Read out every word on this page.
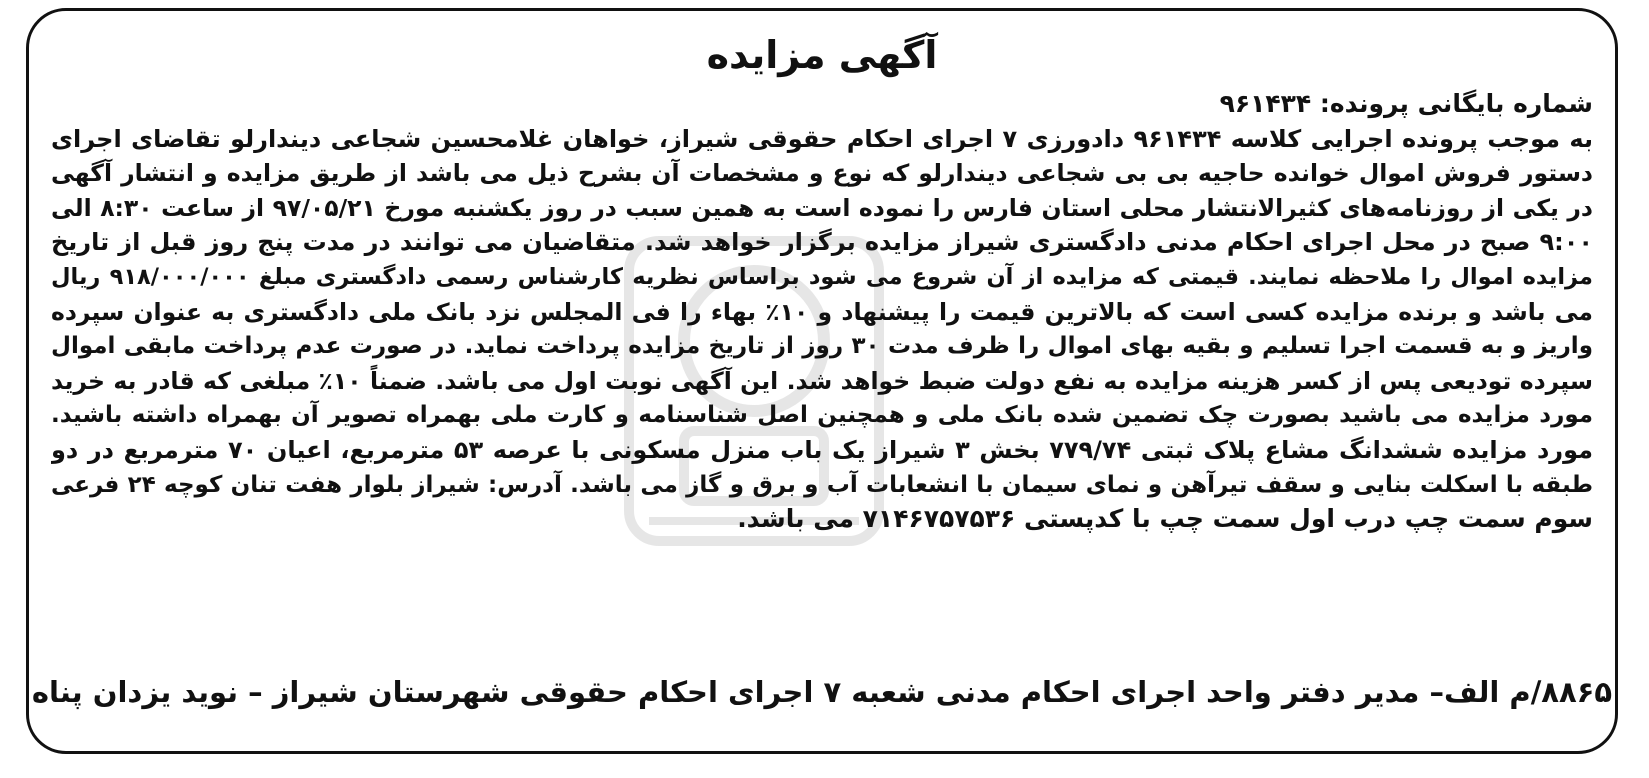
آگهی مزایده
شماره بایگانی پرونده: ۹۶۱۴۳۴
به موجب پرونده اجرایی کلاسه ۹۶۱۴۳۴ دادورزی ۷ اجرای احکام حقوقی شیراز، خواهان غلامحسین شجاعی دیندارلو تقاضای اجرای
دستور فروش اموال خوانده حاجیه بی بی شجاعی دیندارلو که نوع و مشخصات آن بشرح ذیل می باشد از طریق مزایده و انتشار آگهی
در یکی از روزنامه‌های کثیرالانتشار محلی استان فارس را نموده است به همین سبب در روز یکشنبه مورخ ۹۷/۰۵/۲۱ از ساعت ۸:۳۰ الی
۹:۰۰ صبح در محل اجرای احکام مدنی دادگستری شیراز مزایده برگزار خواهد شد. متقاضیان می توانند در مدت پنج روز قبل از تاریخ
مزایده اموال را ملاحظه نمایند. قیمتی که مزایده از آن شروع می شود براساس نظریه کارشناس رسمی دادگستری مبلغ ۹۱۸/۰۰۰/۰۰۰ ریال
می باشد و برنده مزایده کسی است که بالاترین قیمت را پیشنهاد و ۱۰٪ بهاء را فی المجلس نزد بانک ملی دادگستری به عنوان سپرده
واریز و به قسمت اجرا تسلیم و بقیه بهای اموال را ظرف مدت ۳۰ روز از تاریخ مزایده پرداخت نماید. در صورت عدم پرداخت مابقی اموال
سپرده تودیعی پس از کسر هزینه مزایده به نفع دولت ضبط خواهد شد. این آگهی نوبت اول می باشد. ضمناً ۱۰٪ مبلغی که قادر به خرید
مورد مزایده می باشید بصورت چک تضمین شده بانک ملی و همچنین اصل شناسنامه و کارت ملی بهمراه تصویر آن بهمراه داشته باشید.
مورد مزایده ششدانگ مشاع پلاک ثبتی ۷۷۹/۷۴ بخش ۳ شیراز یک باب منزل مسکونی با عرصه ۵۳ مترمربع، اعیان ۷۰ مترمربع در دو
طبقه با اسکلت بنایی و سقف تیرآهن و نمای سیمان با انشعابات آب و برق و گاز می باشد. آدرس: شیراز بلوار هفت تنان کوچه ۲۴ فرعی
سوم سمت چپ درب اول سمت چپ با کدپستی ۷۱۴۶۷۵۷۵۳۶ می باشد.
۸۸۶۵/م الف– مدیر دفتر واحد اجرای احکام مدنی شعبه ۷ اجرای احکام حقوقی شهرستان شیراز – نوید یزدان پناه
